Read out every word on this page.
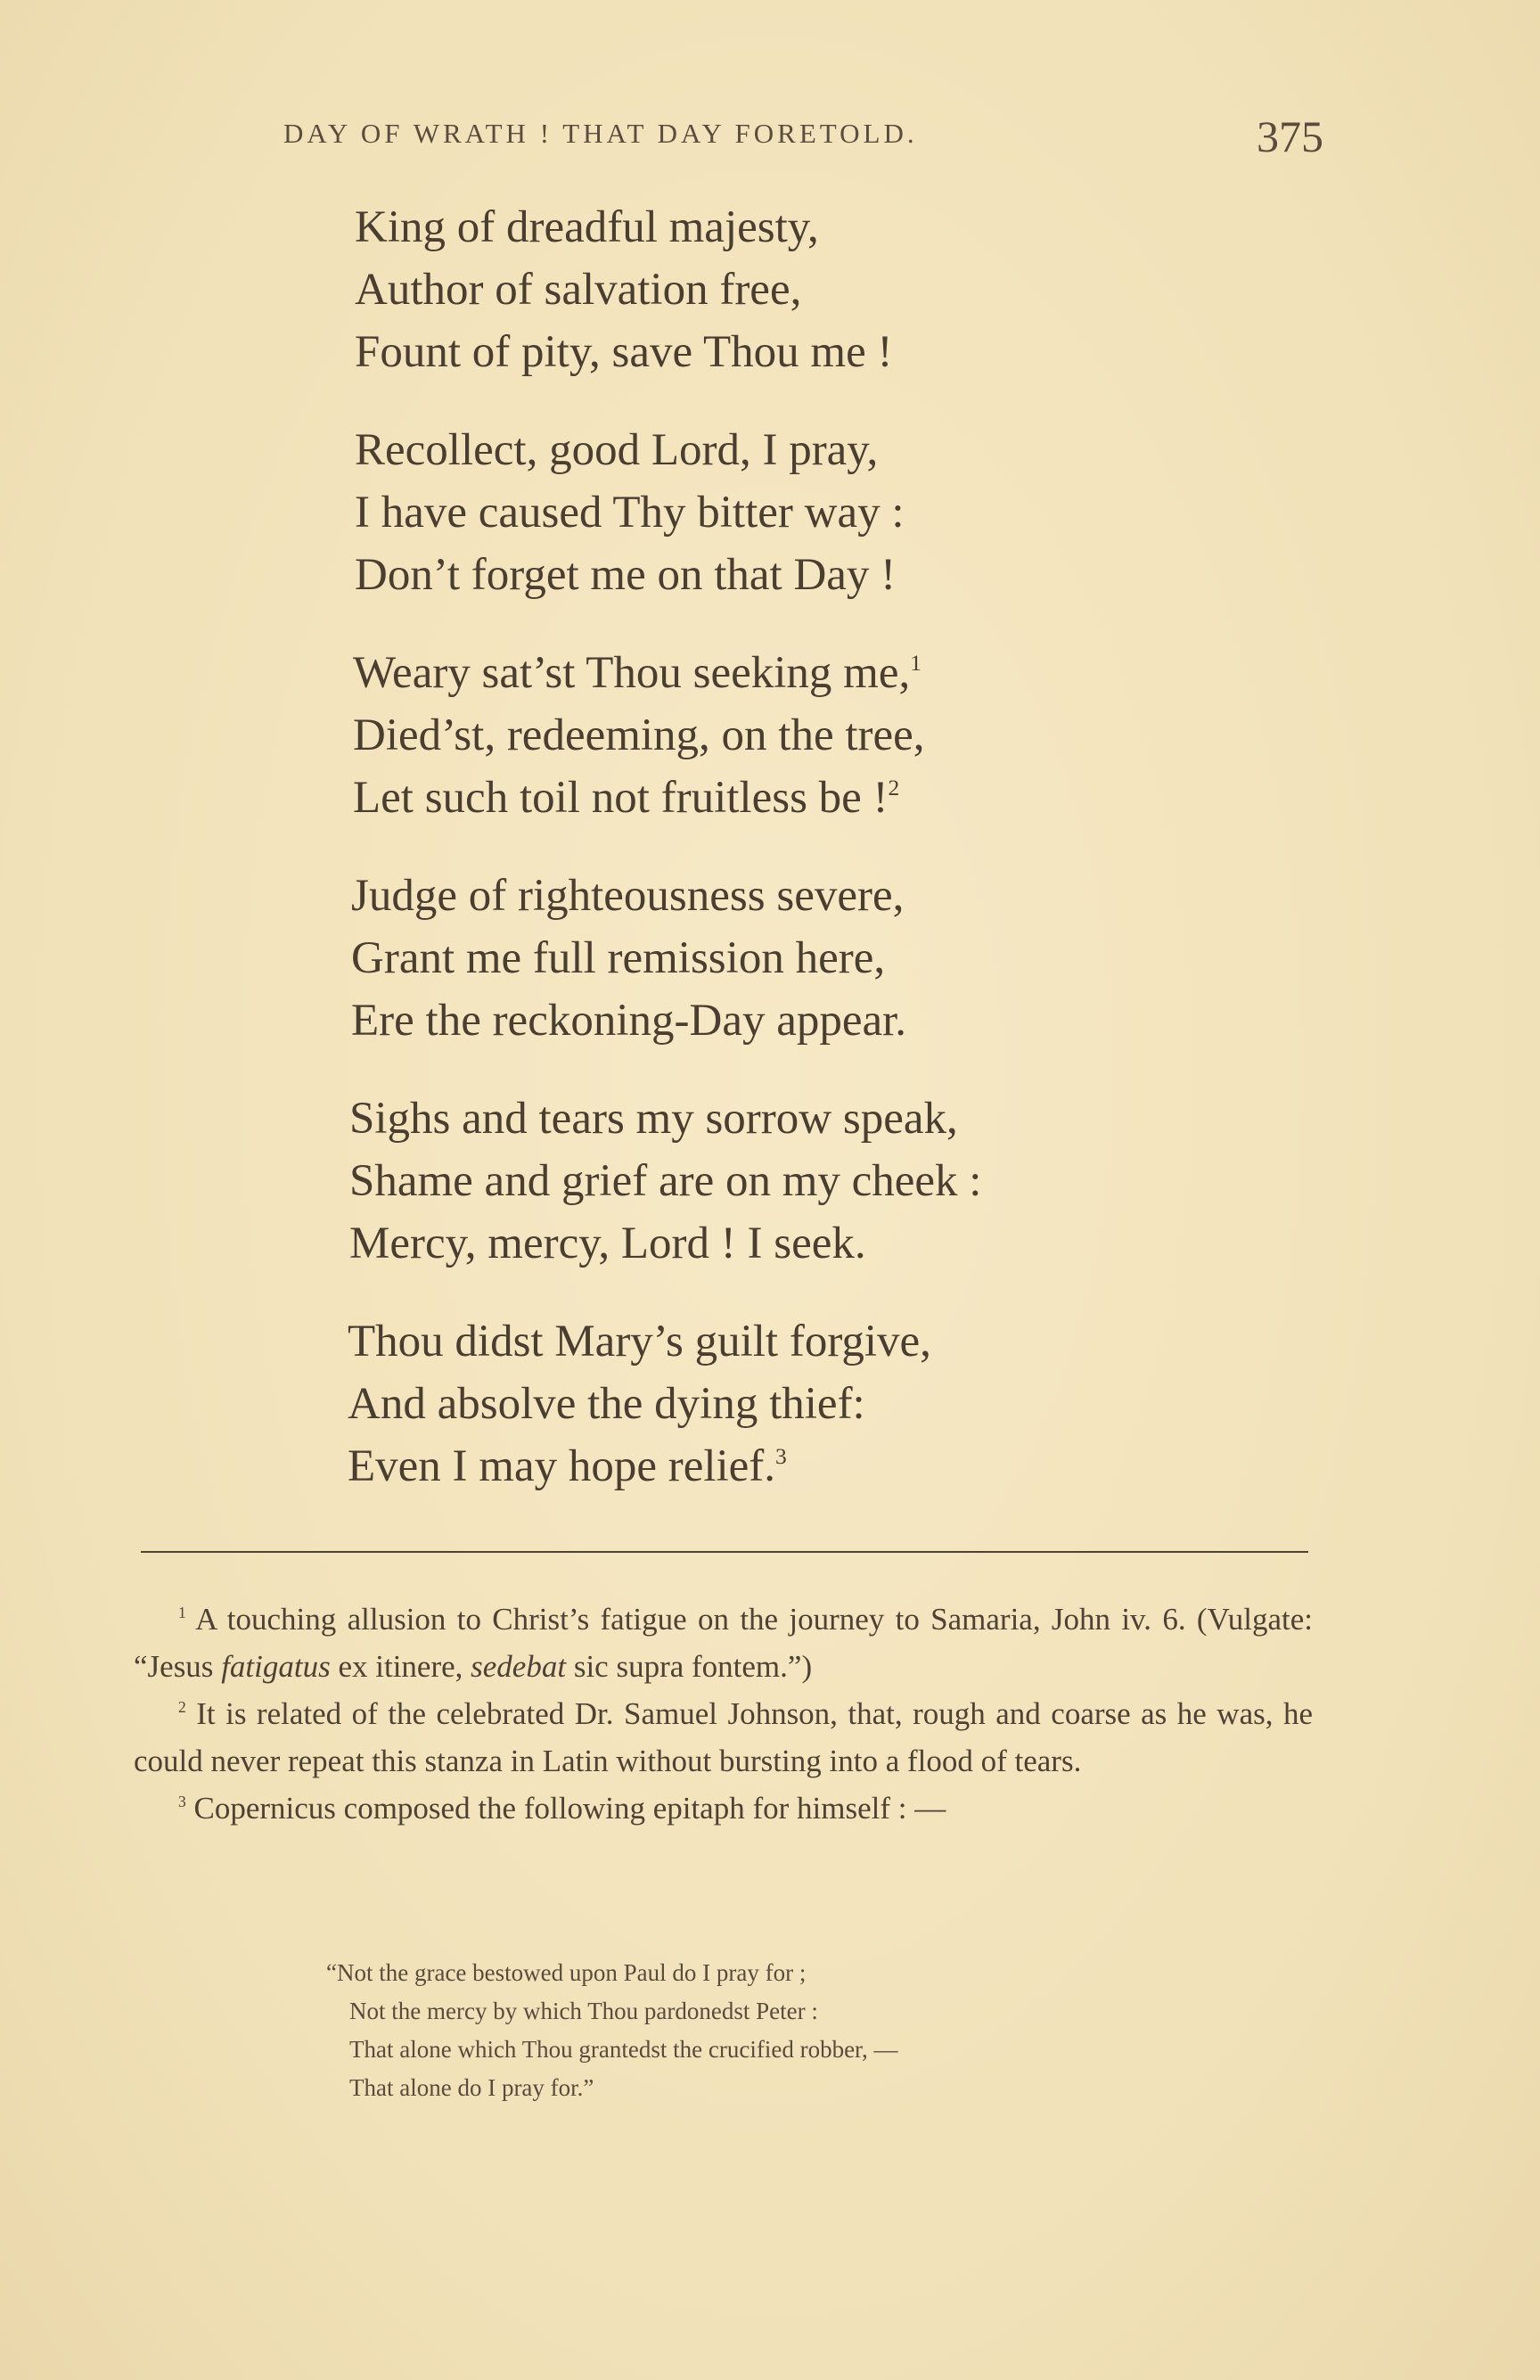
DAY OF WRATH ! THAT DAY FORETOLD.	375
King of dreadful majesty,
Author of salvation free,
Fount of pity, save Thou me !
Recollect, good Lord, I pray,
I have caused Thy bitter way :
Don’t forget me on that Day !
Weary sat’st Thou seeking me,$^1$
Died’st, redeeming, on the tree,
Let such toil not fruitless be !$^2$
Judge of righteousness severe,
Grant me full remission here,
Ere the reckoning-Day appear.
Sighs and tears my sorrow speak,
Shame and grief are on my cheek :
Mercy, mercy, Lord ! I seek.
Thou didst Mary’s guilt forgive,
And absolve the dying thief:
Even I may hope relief.$^3$

$^1$ A touching allusion to Christ’s fatigue on the journey to Samaria, John iv. 6. (Vulgate: “Jesus fatigatus ex itinere, sedebat sic supra fontem.”)

$^2$ It is related of the celebrated Dr. Samuel Johnson, that, rough and coarse as he was, he could never repeat this stanza in Latin without bursting into a flood of tears.

$^3$ Copernicus composed the following epitaph for himself : —

“Not the grace bestowed upon Paul do I pray for ;
Not the mercy by which Thou pardonedst Peter :
That alone which Thou grantedst the crucified robber, —
That alone do I pray for.”
